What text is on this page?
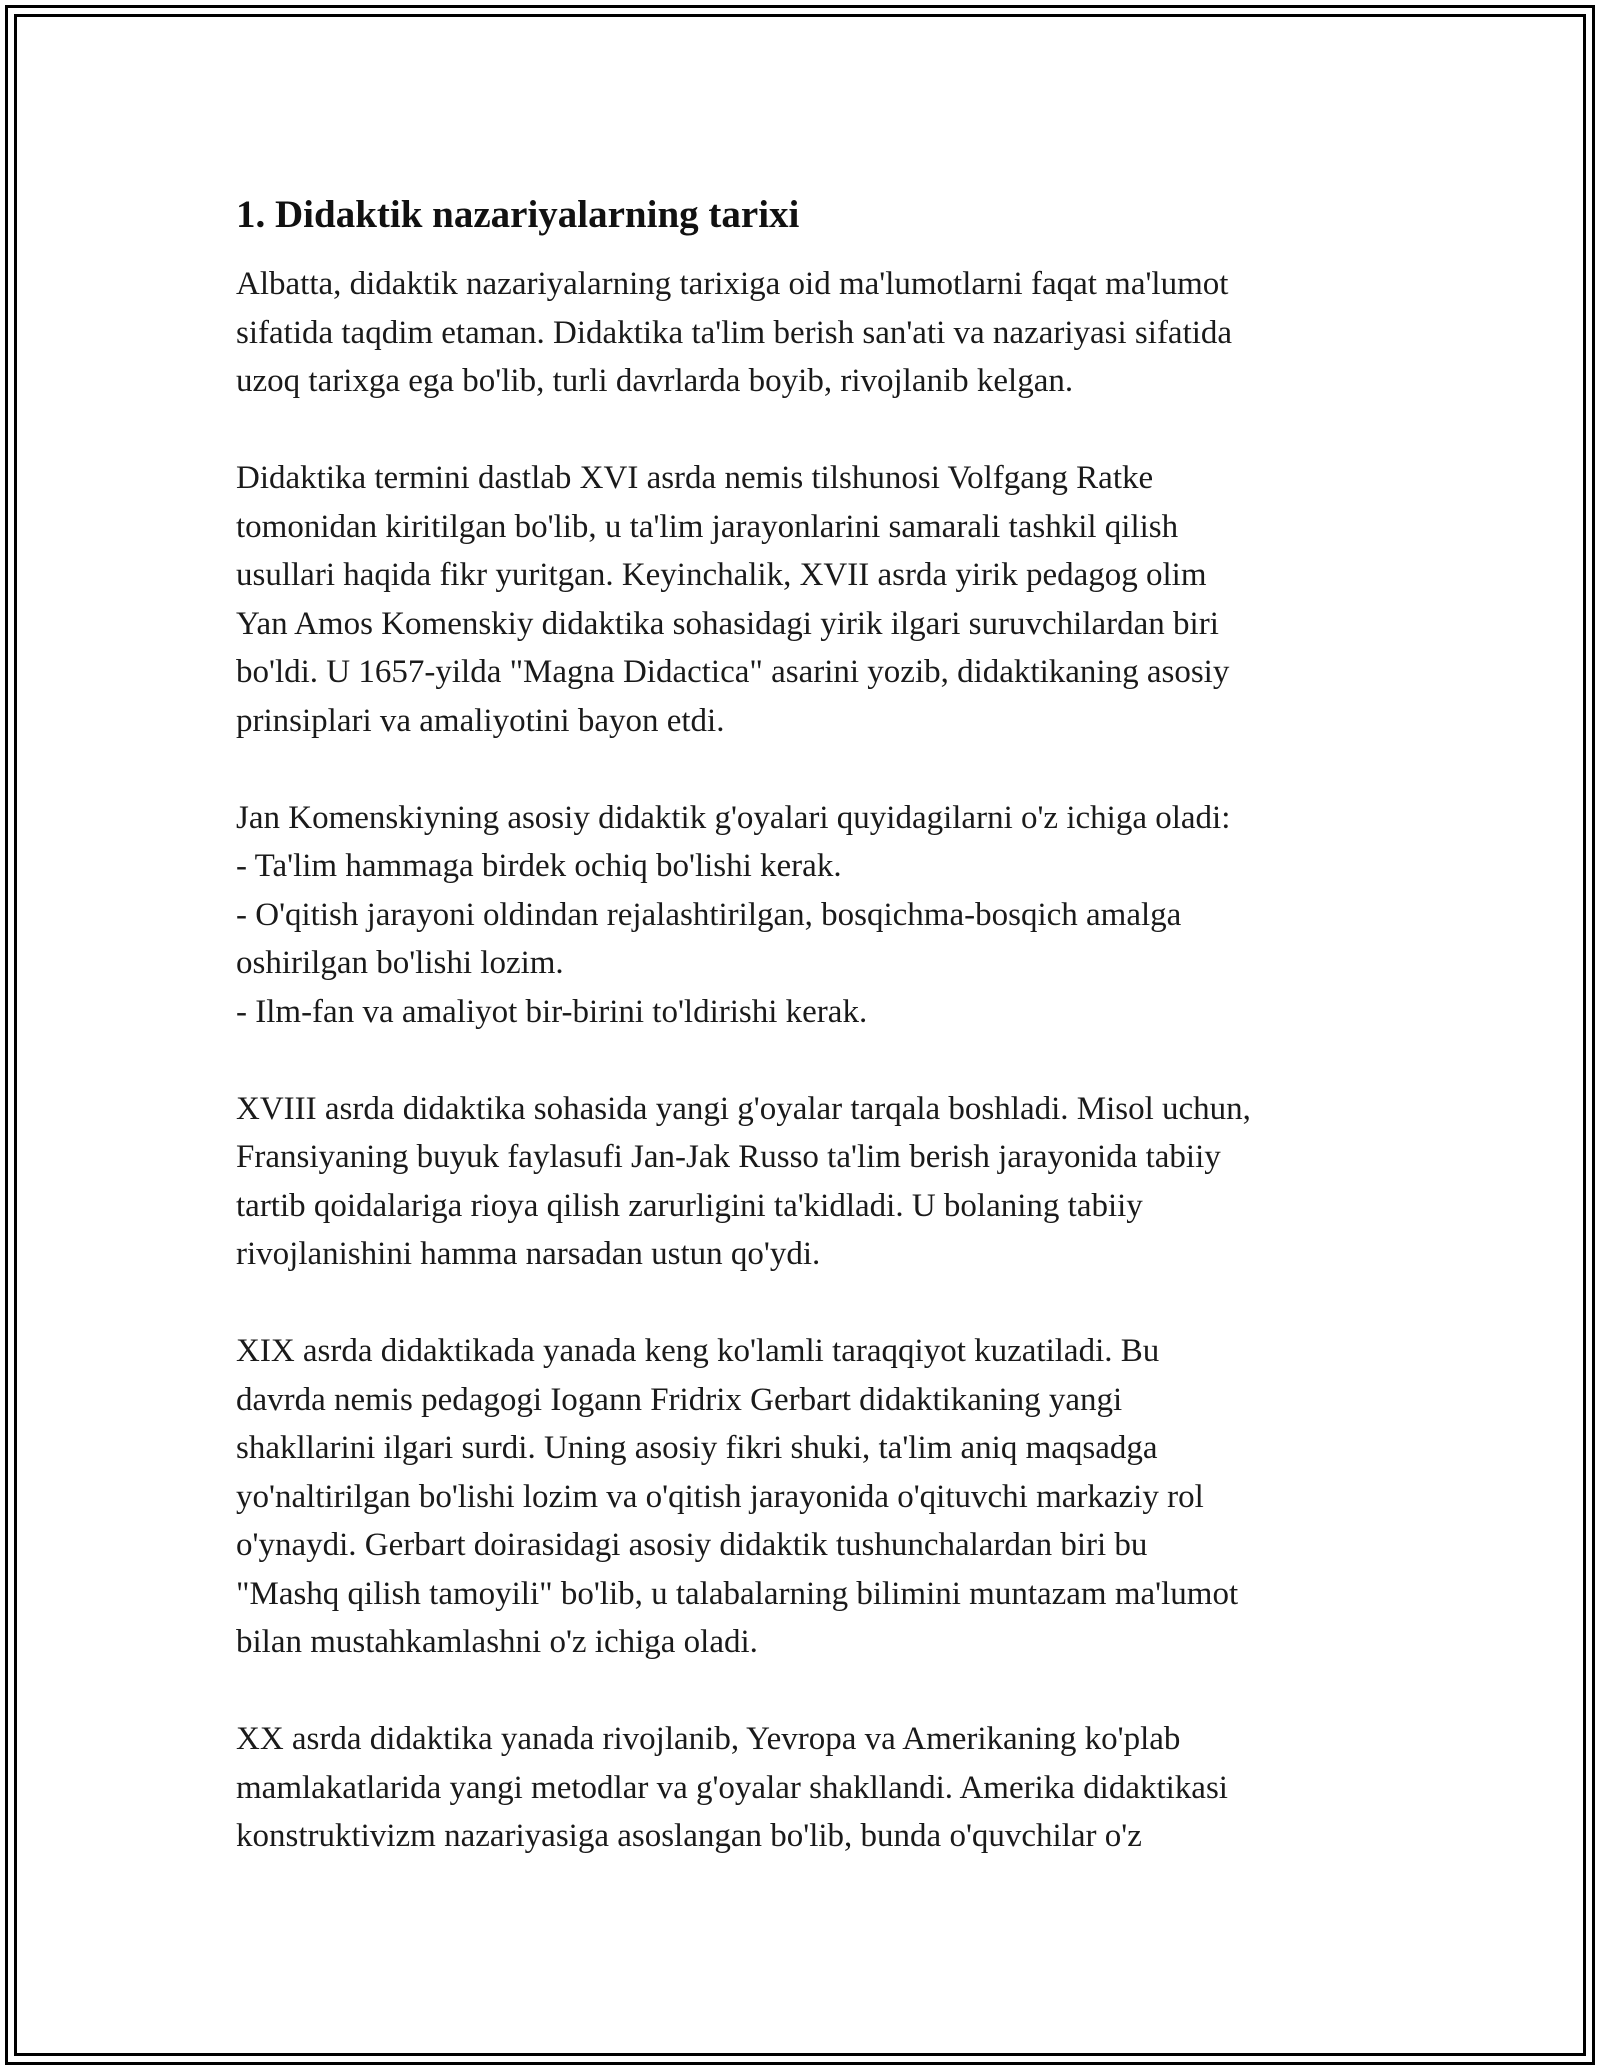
1. Didaktik nazariyalarning tarixi
Albatta, didaktik nazariyalarning tarixiga oid ma'lumotlarni faqat ma'lumot
sifatida taqdim etaman. Didaktika ta'lim berish san'ati va nazariyasi sifatida
uzoq tarixga ega bo'lib, turli davrlarda boyib, rivojlanib kelgan.
Didaktika termini dastlab XVI asrda nemis tilshunosi Volfgang Ratke
tomonidan kiritilgan bo'lib, u ta'lim jarayonlarini samarali tashkil qilish
usullari haqida fikr yuritgan. Keyinchalik, XVII asrda yirik pedagog olim
Yan Amos Komenskiy didaktika sohasidagi yirik ilgari suruvchilardan biri
bo'ldi. U 1657-yilda "Magna Didactica" asarini yozib, didaktikaning asosiy
prinsiplari va amaliyotini bayon etdi.
Jan Komenskiyning asosiy didaktik g'oyalari quyidagilarni o'z ichiga oladi:
- Ta'lim hammaga birdek ochiq bo'lishi kerak.
- O'qitish jarayoni oldindan rejalashtirilgan, bosqichma-bosqich amalga
oshirilgan bo'lishi lozim.
- Ilm-fan va amaliyot bir-birini to'ldirishi kerak.
XVIII asrda didaktika sohasida yangi g'oyalar tarqala boshladi. Misol uchun,
Fransiyaning buyuk faylasufi Jan-Jak Russo ta'lim berish jarayonida tabiiy
tartib qoidalariga rioya qilish zarurligini ta'kidladi. U bolaning tabiiy
rivojlanishini hamma narsadan ustun qo'ydi.
XIX asrda didaktikada yanada keng ko'lamli taraqqiyot kuzatiladi. Bu
davrda nemis pedagogi Iogann Fridrix Gerbart didaktikaning yangi
shakllarini ilgari surdi. Uning asosiy fikri shuki, ta'lim aniq maqsadga
yo'naltirilgan bo'lishi lozim va o'qitish jarayonida o'qituvchi markaziy rol
o'ynaydi. Gerbart doirasidagi asosiy didaktik tushunchalardan biri bu
"Mashq qilish tamoyili" bo'lib, u talabalarning bilimini muntazam ma'lumot
bilan mustahkamlashni o'z ichiga oladi.
XX asrda didaktika yanada rivojlanib, Yevropa va Amerikaning ko'plab
mamlakatlarida yangi metodlar va g'oyalar shakllandi. Amerika didaktikasi
konstruktivizm nazariyasiga asoslangan bo'lib, bunda o'quvchilar o'z
